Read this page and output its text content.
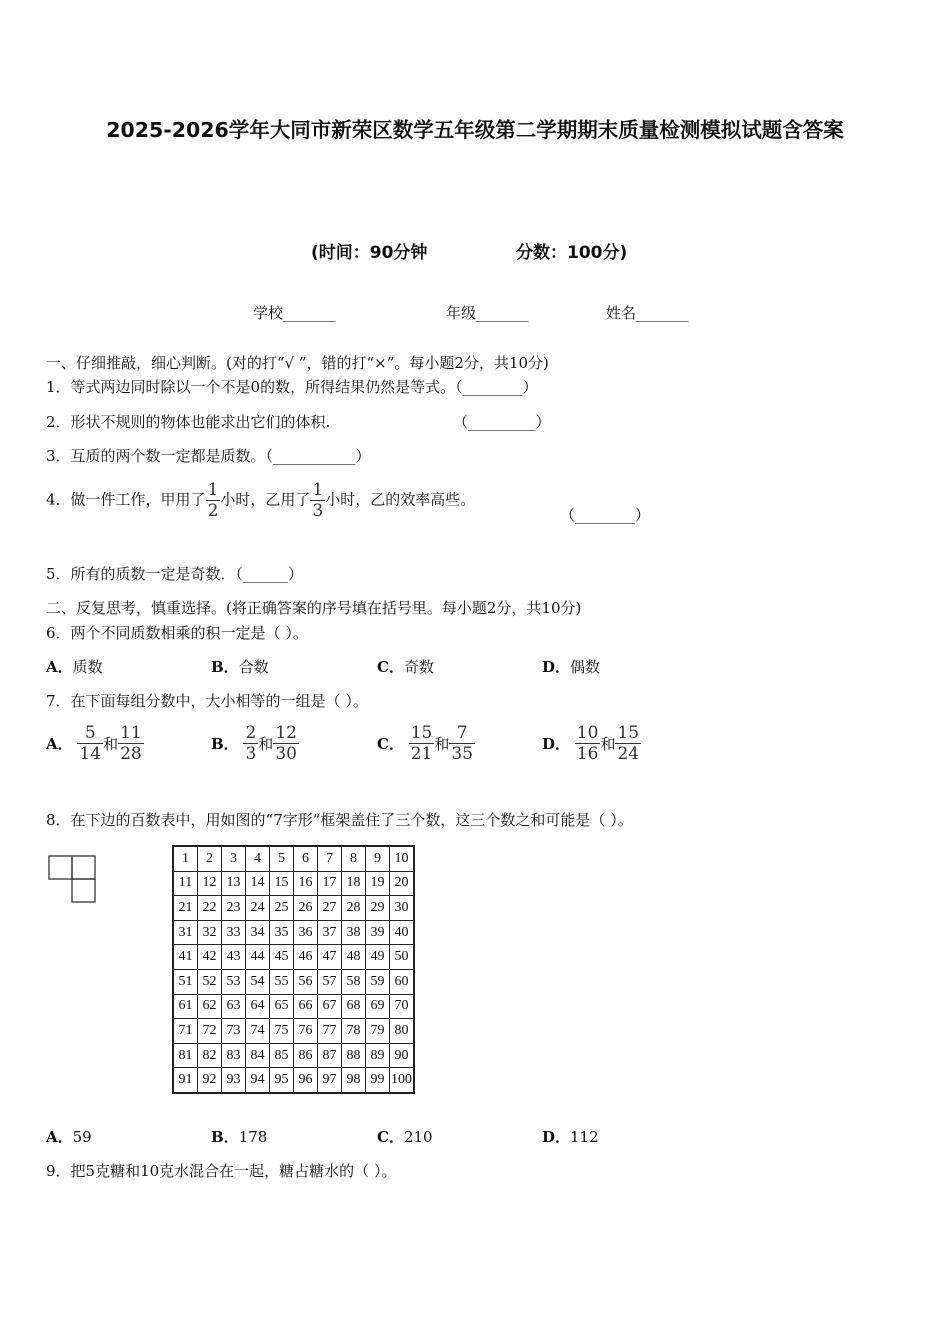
2025-2026学年大同市新荣区数学五年级第二学期期末质量检测模拟试题含答案
(时间：90分钟	分数：100分)
学校_______	年级_______	姓名_______
一、仔细推敲，细心判断。(对的打“√ ”，错的打“×”。每小题2分，共10分)
1．等式两边同时除以一个不是0的数，所得结果仍然是等式。（________）
2．形状不规则的物体也能求出它们的体积.	（_________）
3．互质的两个数一定都是质数。（___________）
4．做一件工作，甲用了 $\frac{1}{2}$ 小时，乙用了 $\frac{1}{3}$ 小时，乙的效率高些。
（________）
5．所有的质数一定是奇数．（______）
二、反复思考，慎重选择。(将正确答案的序号填在括号里。每小题2分，共10分)
6．两个不同质数相乘的积一定是（ ）。
A．质数	B．合数	C．奇数	D．偶数
7．在下面每组分数中，大小相等的一组是（ ）。
A． $\frac{5}{14}$ 和 $\frac{11}{28}$	B． $\frac{2}{3}$ 和 $\frac{12}{30}$	C． $\frac{15}{21}$ 和 $\frac{7}{35}$	D． $\frac{10}{16}$ 和 $\frac{15}{24}$
8．在下边的百数表中，用如图的“7字形”框架盖住了三个数，这三个数之和可能是（ ）。
1	2	3	4	5	6	7	8	9	10
11	12	13	14	15	16	17	18	19	20
21	22	23	24	25	26	27	28	29	30
31	32	33	34	35	36	37	38	39	40
41	42	43	44	45	46	47	48	49	50
51	52	53	54	55	56	57	58	59	60
61	62	63	64	65	66	67	68	69	70
71	72	73	74	75	76	77	78	79	80
81	82	83	84	85	86	87	88	89	90
91	92	93	94	95	96	97	98	99	100
A．59	B．178	C．210	D．112
9．把5克糖和10克水混合在一起，糖占糖水的（ ）。
